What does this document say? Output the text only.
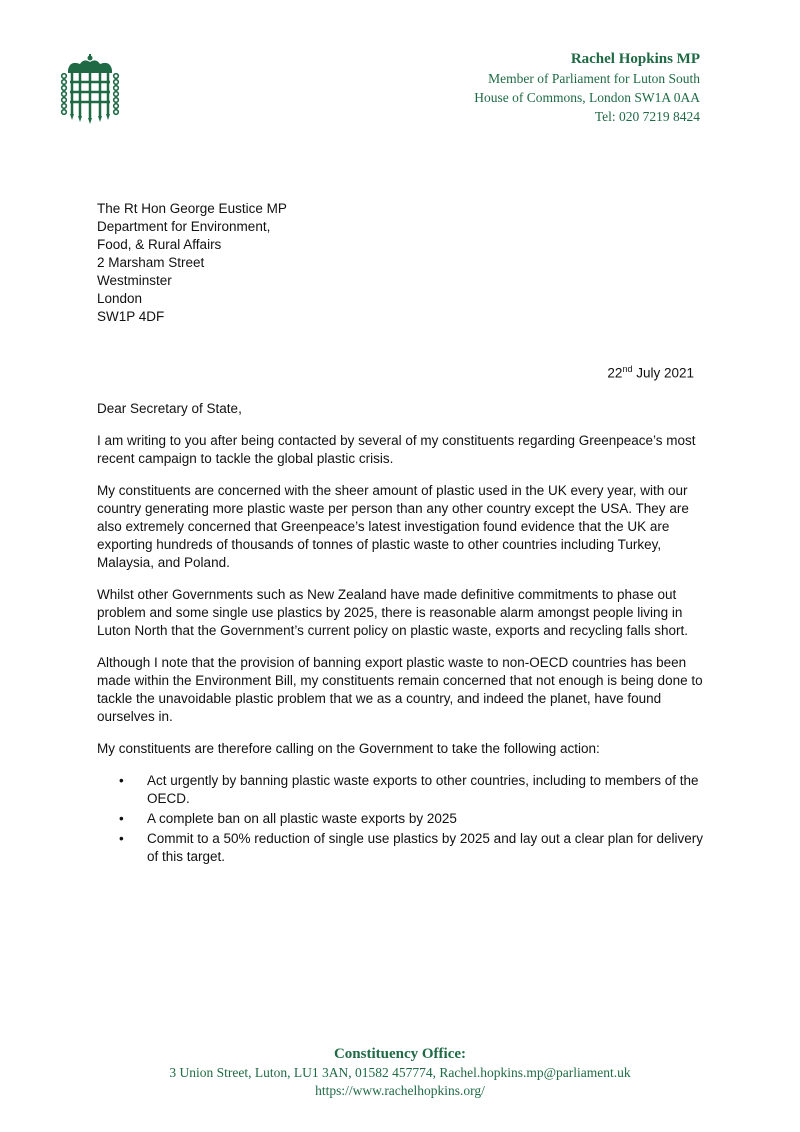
Rachel Hopkins MP
Member of Parliament for Luton South
House of Commons, London SW1A 0AA
Tel: 020 7219 8424
The Rt Hon George Eustice MP
Department for Environment,
Food, & Rural Affairs
2 Marsham Street
Westminster
London
SW1P 4DF
22nd July 2021

Dear Secretary of State,

I am writing to you after being contacted by several of my constituents regarding Greenpeace’s most recent campaign to tackle the global plastic crisis.

My constituents are concerned with the sheer amount of plastic used in the UK every year, with our country generating more plastic waste per person than any other country except the USA. They are also extremely concerned that Greenpeace’s latest investigation found evidence that the UK are exporting hundreds of thousands of tonnes of plastic waste to other countries including Turkey, Malaysia, and Poland.

Whilst other Governments such as New Zealand have made definitive commitments to phase out problem and some single use plastics by 2025, there is reasonable alarm amongst people living in Luton North that the Government’s current policy on plastic waste, exports and recycling falls short.

Although I note that the provision of banning export plastic waste to non-OECD countries has been made within the Environment Bill, my constituents remain concerned that not enough is being done to tackle the unavoidable plastic problem that we as a country, and indeed the planet, have found ourselves in.

My constituents are therefore calling on the Government to take the following action:

• Act urgently by banning plastic waste exports to other countries, including to members of the OECD.
• A complete ban on all plastic waste exports by 2025
• Commit to a 50% reduction of single use plastics by 2025 and lay out a clear plan for delivery of this target.
Constituency Office:
3 Union Street, Luton, LU1 3AN, 01582 457774, Rachel.hopkins.mp@parliament.uk
https://www.rachelhopkins.org/
